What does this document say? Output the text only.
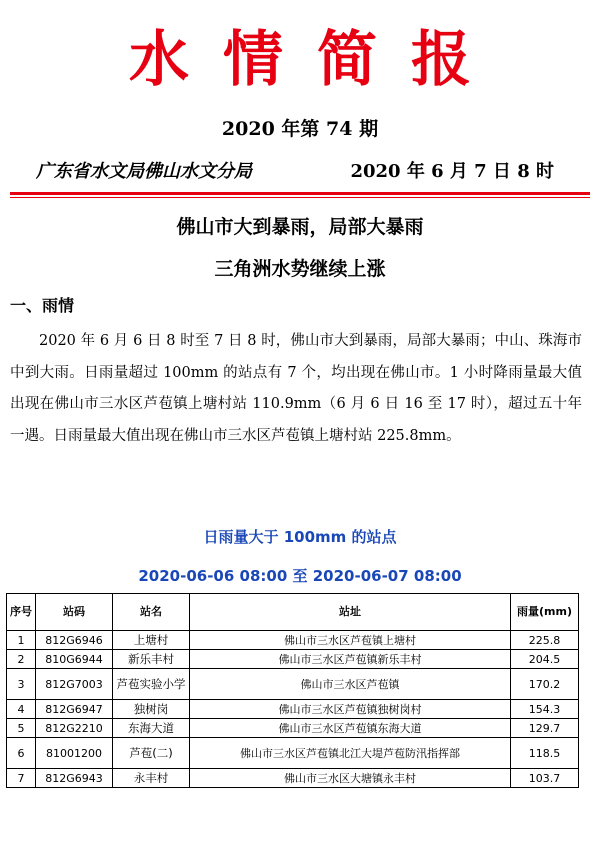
水情简报
2020 年第 74 期
广东省水文局佛山水文分局	2020 年 6 月 7 日 8 时
佛山市大到暴雨，局部大暴雨
三角洲水势继续上涨
一、雨情

2020 年 6 月 6 日 8 时至 7 日 8 时，佛山市大到暴雨，局部大暴雨；中山、珠海市中到大雨。日雨量超过 100mm 的站点有 7 个，均出现在佛山市。1 小时降雨量最大值出现在佛山市三水区芦苞镇上塘村站 110.9mm（6 月 6 日 16 至 17 时），超过五十年一遇。日雨量最大值出现在佛山市三水区芦苞镇上塘村站 225.8mm。

日雨量大于 100mm 的站点
2020-06-06 08:00 至 2020-06-07 08:00
序号	站码	站名	站址	雨量(mm)
1	812G6946	上塘村	佛山市三水区芦苞镇上塘村	225.8
2	810G6944	新乐丰村	佛山市三水区芦苞镇新乐丰村	204.5
3	812G7003	芦苞实验小学	佛山市三水区芦苞镇	170.2
4	812G6947	独树岗	佛山市三水区芦苞镇独树岗村	154.3
5	812G2210	东海大道	佛山市三水区芦苞镇东海大道	129.7
6	81001200	芦苞(二)	佛山市三水区芦苞镇北江大堤芦苞防汛指挥部	118.5
7	812G6943	永丰村	佛山市三水区大塘镇永丰村	103.7
